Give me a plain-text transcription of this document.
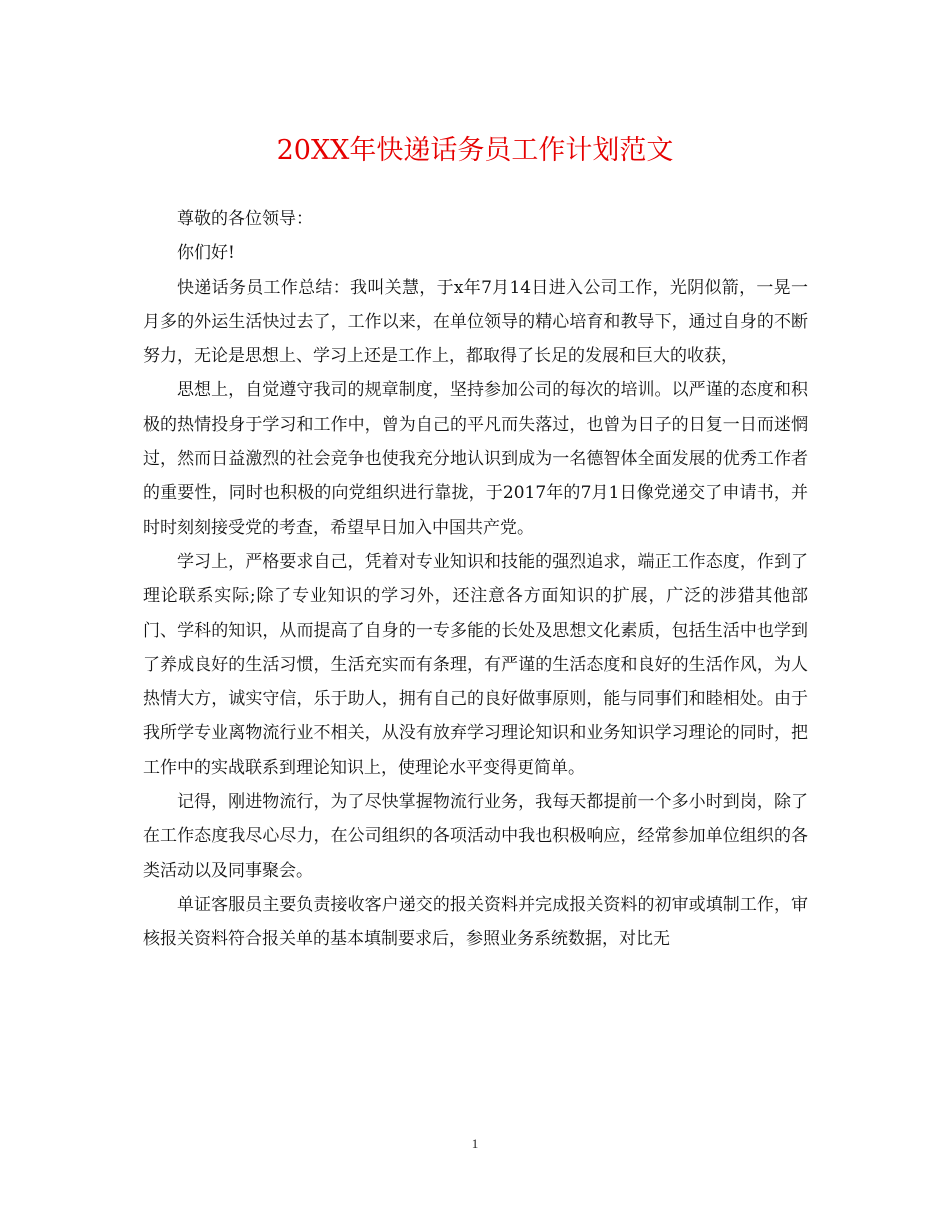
20XX年快递话务员工作计划范文

尊敬的各位领导：

你们好!

快递话务员工作总结：我叫关慧，于x年7月14日进入公司工作，光阴似箭，一晃一月多的外运生活快过去了，工作以来，在单位领导的精心培育和教导下，通过自身的不断努力，无论是思想上、学习上还是工作上，都取得了长足的发展和巨大的收获，

思想上，自觉遵守我司的规章制度，坚持参加公司的每次的培训。以严谨的态度和积极的热情投身于学习和工作中，曾为自己的平凡而失落过，也曾为日子的日复一日而迷惘过，然而日益激烈的社会竞争也使我充分地认识到成为一名德智体全面发展的优秀工作者的重要性，同时也积极的向党组织进行靠拢，于2017年的7月1日像党递交了申请书，并时时刻刻接受党的考查，希望早日加入中国共产党。

学习上，严格要求自己，凭着对专业知识和技能的强烈追求，端正工作态度，作到了理论联系实际;除了专业知识的学习外，还注意各方面知识的扩展，广泛的涉猎其他部门、学科的知识，从而提高了自身的一专多能的长处及思想文化素质，包括生活中也学到了养成良好的生活习惯，生活充实而有条理，有严谨的生活态度和良好的生活作风，为人热情大方，诚实守信，乐于助人，拥有自己的良好做事原则，能与同事们和睦相处。由于我所学专业离物流行业不相关，从没有放弃学习理论知识和业务知识学习理论的同时，把工作中的实战联系到理论知识上，使理论水平变得更简单。

记得，刚进物流行，为了尽快掌握物流行业务，我每天都提前一个多小时到岗，除了在工作态度我尽心尽力，在公司组织的各项活动中我也积极响应，经常参加单位组织的各类活动以及同事聚会。

单证客服员主要负责接收客户递交的报关资料并完成报关资料的初审或填制工作，审核报关资料符合报关单的基本填制要求后，参照业务系统数据，对比无

1
